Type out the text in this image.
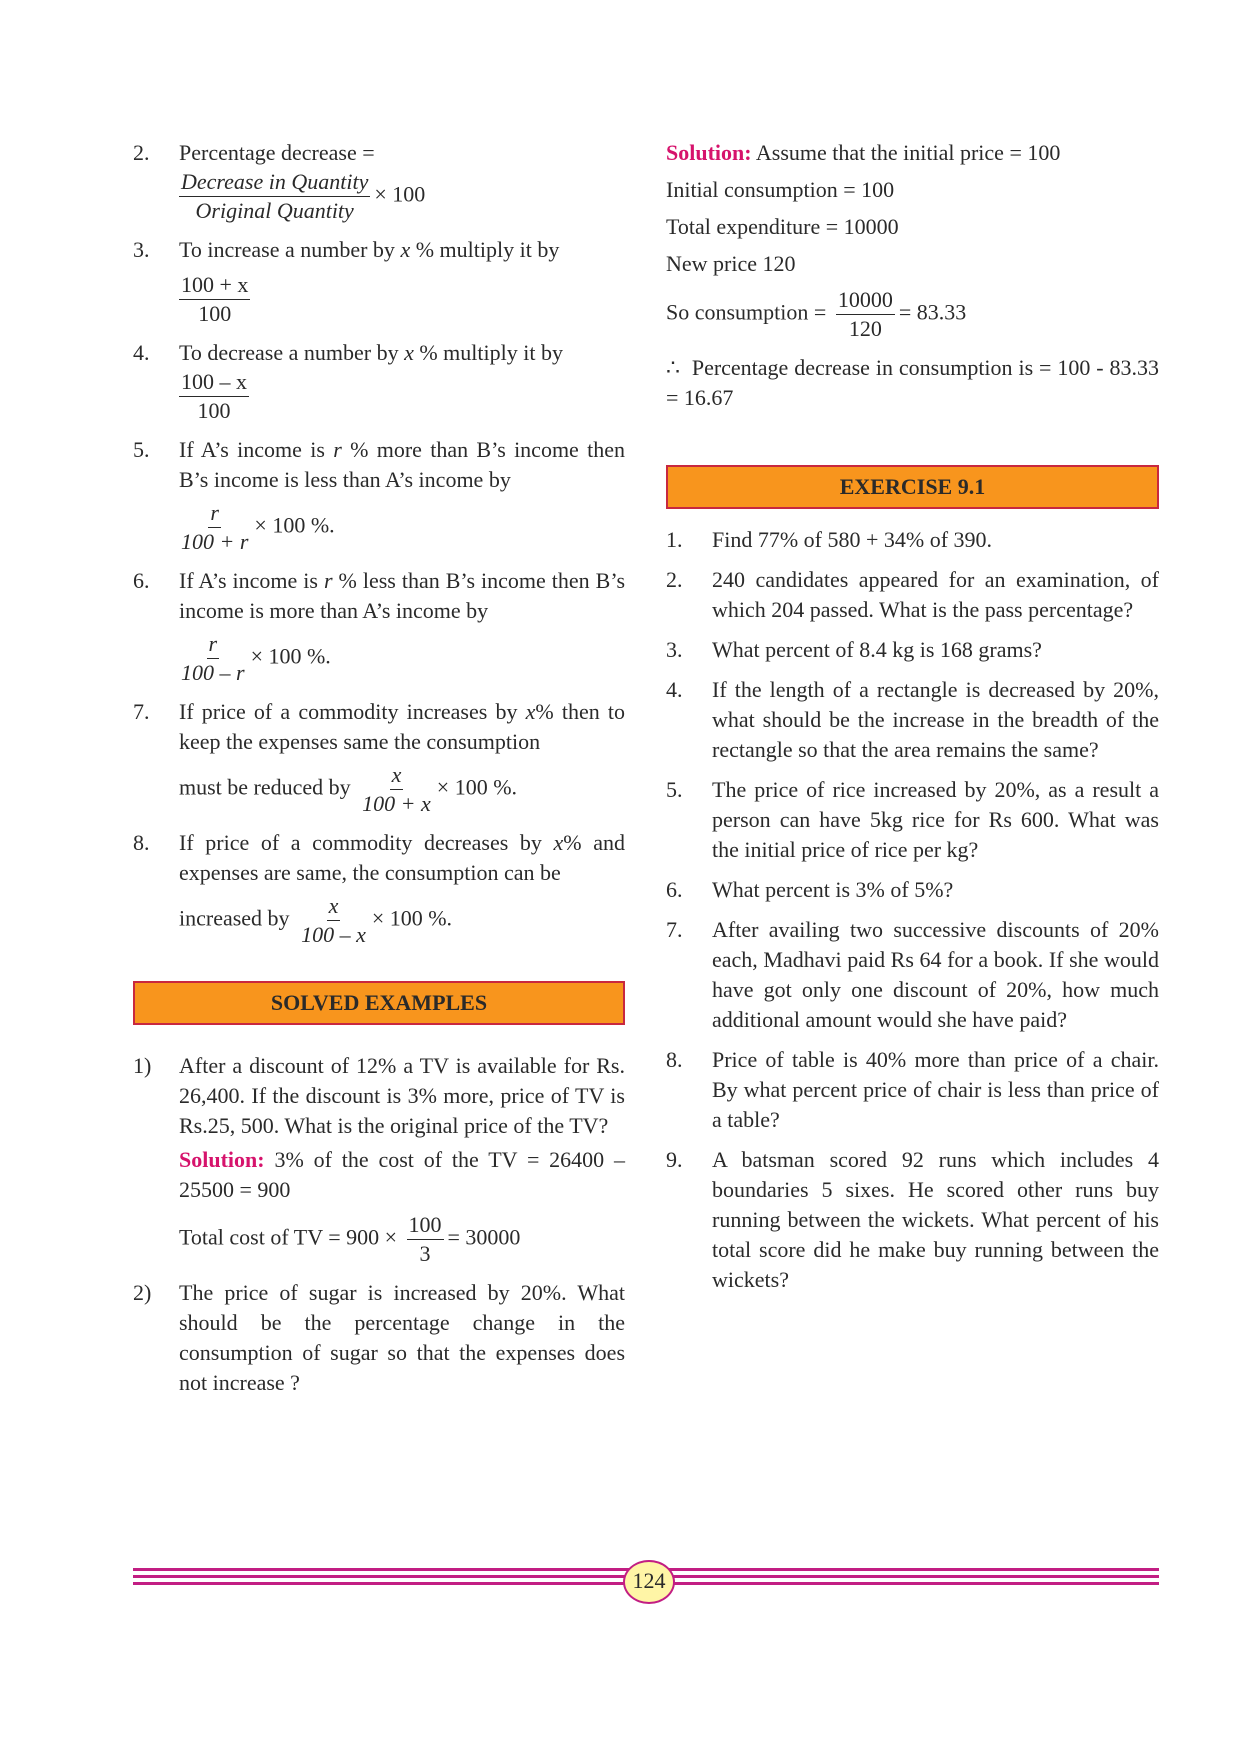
2.	Percentage decrease =
$\frac{\text{Decrease in Quantity}}{\text{Original Quantity}} \times 100$
3.	To increase a number by x % multiply it by
$\frac{100 + x}{100}$
4.	To decrease a number by x % multiply it by
$\frac{100 - x}{100}$
5.	If A’s income is r % more than B’s income then B’s income is less than A’s income by
$\frac{r}{100 + r} \times 100$ %.
6.	If A’s income is r % less than B’s income then B’s income is more than A’s income by
$\frac{r}{100 - r} \times 100$ %.
7.	If price of a commodity increases by x% then to keep the expenses same the consumption
must be reduced by $\frac{x}{100 + x} \times 100$ %.
8.	If price of a commodity decreases by x% and expenses are same, the consumption can be
increased by $\frac{x}{100 - x} \times 100$ %.
SOLVED EXAMPLES
1)	After a discount of 12% a TV is available for Rs. 26,400. If the discount is 3% more, price of TV is Rs.25, 500. What is the original price of the TV?
Solution: 3% of the cost of the TV = 26400 – 25500 = 900
Total cost of TV = $900 \times \frac{100}{3} = 30000$
2)	The price of sugar is increased by 20%. What should be the percentage change in the consumption of sugar so that the expenses does not increase ?
Solution: Assume that the initial price = 100
Initial consumption = 100
Total expenditure = 10000
New price 120
So consumption = $\frac{10000}{120} = 83.33$
∴ Percentage decrease in consumption is = 100 - 83.33 = 16.67
EXERCISE 9.1
1.	Find 77% of 580 + 34% of 390.
2.	240 candidates appeared for an examination, of which 204 passed. What is the pass percentage?
3.	What percent of 8.4 kg is 168 grams?
4.	If the length of a rectangle is decreased by 20%, what should be the increase in the breadth of the rectangle so that the area remains the same?
5.	The price of rice increased by 20%, as a result a person can have 5kg rice for Rs 600. What was the initial price of rice per kg?
6.	What percent is 3% of 5%?
7.	After availing two successive discounts of 20% each, Madhavi paid Rs 64 for a book. If she would have got only one discount of 20%, how much additional amount would she have paid?
8.	Price of table is 40% more than price of a chair. By what percent price of chair is less than price of a table?
9.	A batsman scored 92 runs which includes 4 boundaries 5 sixes. He scored other runs buy running between the wickets. What percent of his total score did he make buy running between the wickets?
124
